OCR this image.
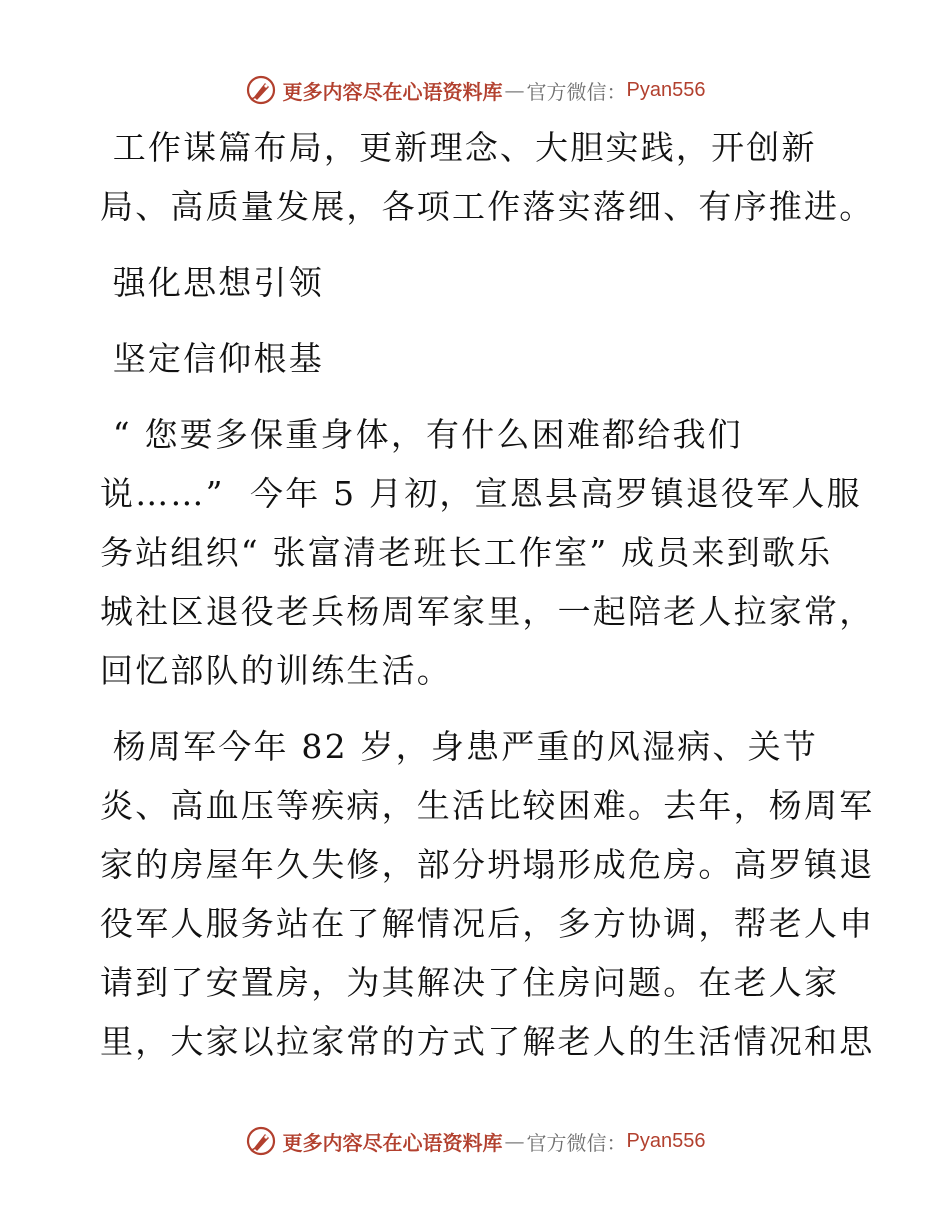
更多内容尽在心语资料库 — 官方微信： Pyan556
工作谋篇布局，更新理念、大胆实践，开创新
局、高质量发展，各项工作落实落细、有序推进。
强化思想引领
坚定信仰根基
“ 您要多保重身体，有什么困难都给我们
说……”  今年 5 月初，宣恩县高罗镇退役军人服
务站组织“ 张富清老班长工作室” 成员来到歌乐
城社区退役老兵杨周军家里，一起陪老人拉家常，
回忆部队的训练生活。
杨周军今年 82 岁，身患严重的风湿病、关节
炎、高血压等疾病，生活比较困难。去年，杨周军
家的房屋年久失修，部分坍塌形成危房。高罗镇退
役军人服务站在了解情况后，多方协调，帮老人申
请到了安置房，为其解决了住房问题。在老人家
里，大家以拉家常的方式了解老人的生活情况和思
更多内容尽在心语资料库 — 官方微信： Pyan556
